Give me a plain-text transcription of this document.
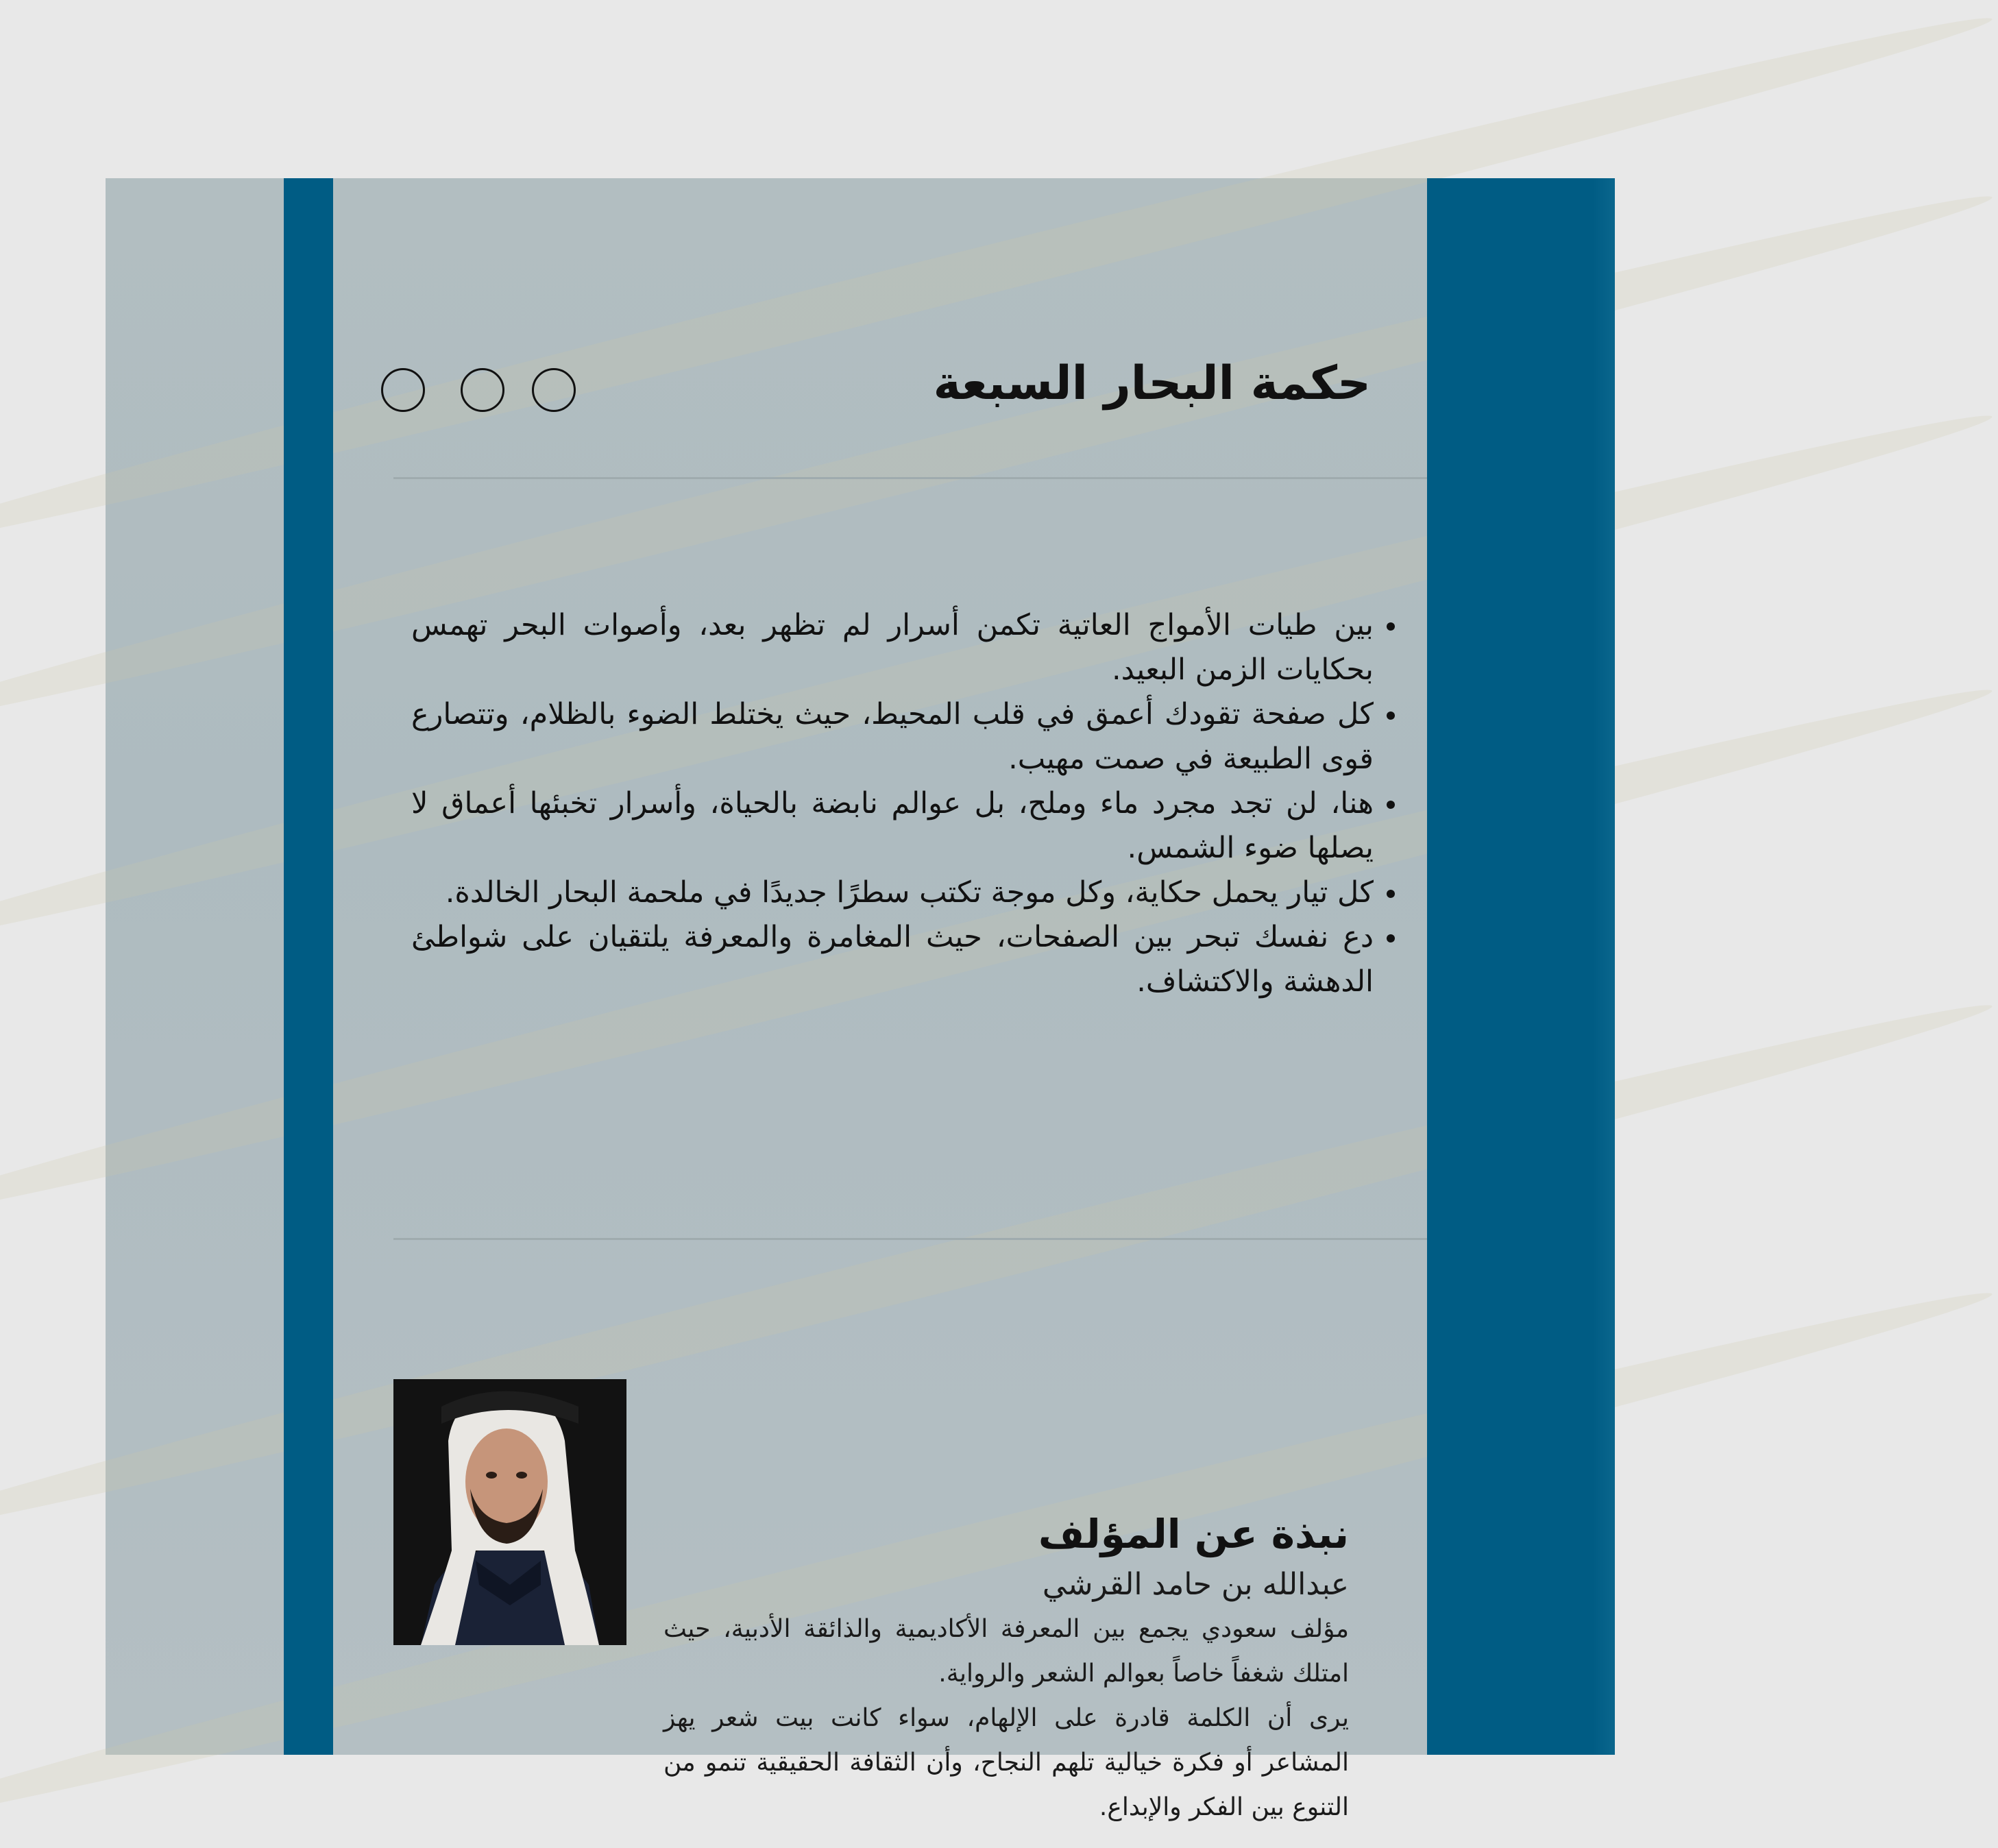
حكمة البحار السبعة
• بين طيات الأمواج العاتية تكمن أسرار لم تظهر بعد، وأصوات البحر تهمس بحكايات الزمن البعيد.
• كل صفحة تقودك أعمق في قلب المحيط، حيث يختلط الضوء بالظلام، وتتصارع قوى الطبيعة في صمت مهيب.
• هنا، لن تجد مجرد ماء وملح، بل عوالم نابضة بالحياة، وأسرار تخبئها أعماق لا يصلها ضوء الشمس.
• كل تيار يحمل حكاية، وكل موجة تكتب سطرًا جديدًا في ملحمة البحار الخالدة.
• دع نفسك تبحر بين الصفحات، حيث المغامرة والمعرفة يلتقيان على شواطئ الدهشة والاكتشاف.
نبذة عن المؤلف

عبدالله بن حامد القرشي

مؤلف سعودي يجمع بين المعرفة الأكاديمية والذائقة الأدبية، حيث امتلك شغفاً خاصاً بعوالم الشعر والرواية.

يرى أن الكلمة قادرة على الإلهام، سواء كانت بيت شعر يهز المشاعر أو فكرة خيالية تلهم النجاح، وأن الثقافة الحقيقية تنمو من التنوع بين الفكر والإبداع.
